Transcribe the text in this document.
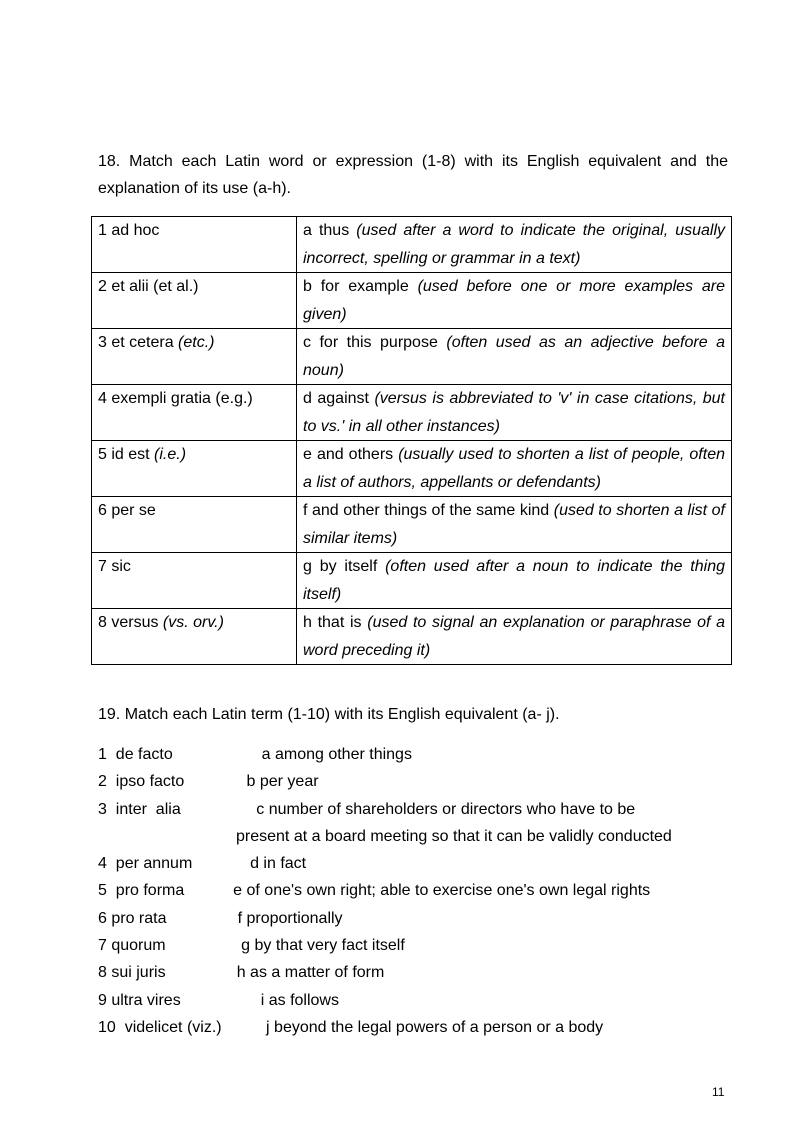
18. Match each Latin word or expression (1-8) with its English equivalent and the explanation of its use (a-h).
1 ad hoc	a thus (used after a word to indicate the original, usually incorrect, spelling or grammar in a text)
2 et alii (et al.)	b for example (used before one or more examples are given)
3 et cetera (etc.)	c for this purpose (often used as an adjective before a noun)
4 exempli gratia (e.g.)	d against (versus is abbreviated to 'v' in case citations, but to vs.' in all other instances)
5 id est (i.e.)	e and others (usually used to shorten a list of people, often a list of authors, appellants or defendants)
6 per se	f and other things of the same kind (used to shorten a list of similar items)
7 sic	g by itself (often used after a noun to indicate the thing itself)
8 versus (vs. orv.)	h that is (used to signal an explanation or paraphrase of a word preceding it)
19. Match each Latin term (1-10) with its English equivalent (a- j).
1  de facto a among other things
2  ipso facto b per year
3  inter  alia c number of shareholders or directors who have to be
present at a board meeting so that it can be validly conducted
4  per annum d in fact
5  pro forma e of one's own right; able to exercise one's own legal rights
6 pro rata f proportionally
7 quorum g by that very fact itself
8 sui juris h as a matter of form
9 ultra vires i as follows
10  videlicet (viz.) j beyond the legal powers of a person or a body
11
